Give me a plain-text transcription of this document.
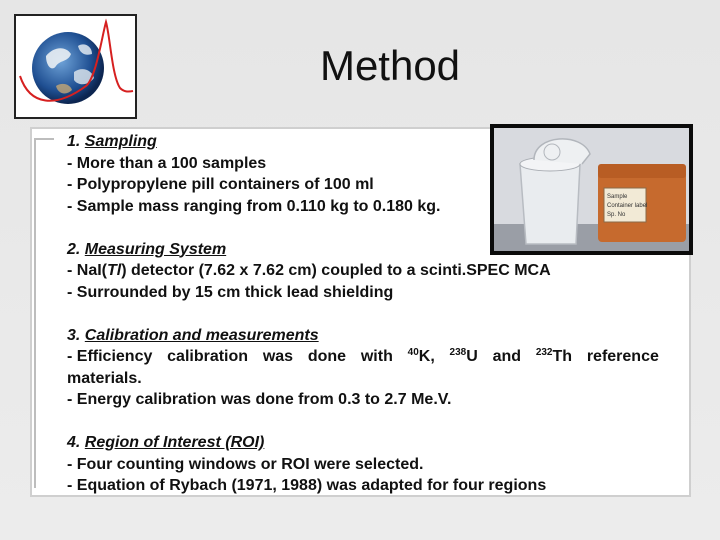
Method
Sample
Container label
Sp. No
1. Sampling
- More than a 100 samples
- Polypropylene pill containers of 100 ml
- Sample mass ranging from 0.110 kg to 0.180 kg.
2. Measuring System
- NaI(Tl) detector (7.62 x 7.62 cm) coupled to a scinti.SPEC MCA
- Surrounded by 15 cm thick lead shielding
3. Calibration and measurements
- Efficiency calibration was done with $^{40}$K, $^{238}$U and $^{232}$Th reference
materials.
- Energy calibration was done from 0.3 to 2.7 Me.V.
4. Region of Interest (ROI)
- Four counting windows or ROI were selected.
- Equation of Rybach (1971, 1988) was adapted for four regions
